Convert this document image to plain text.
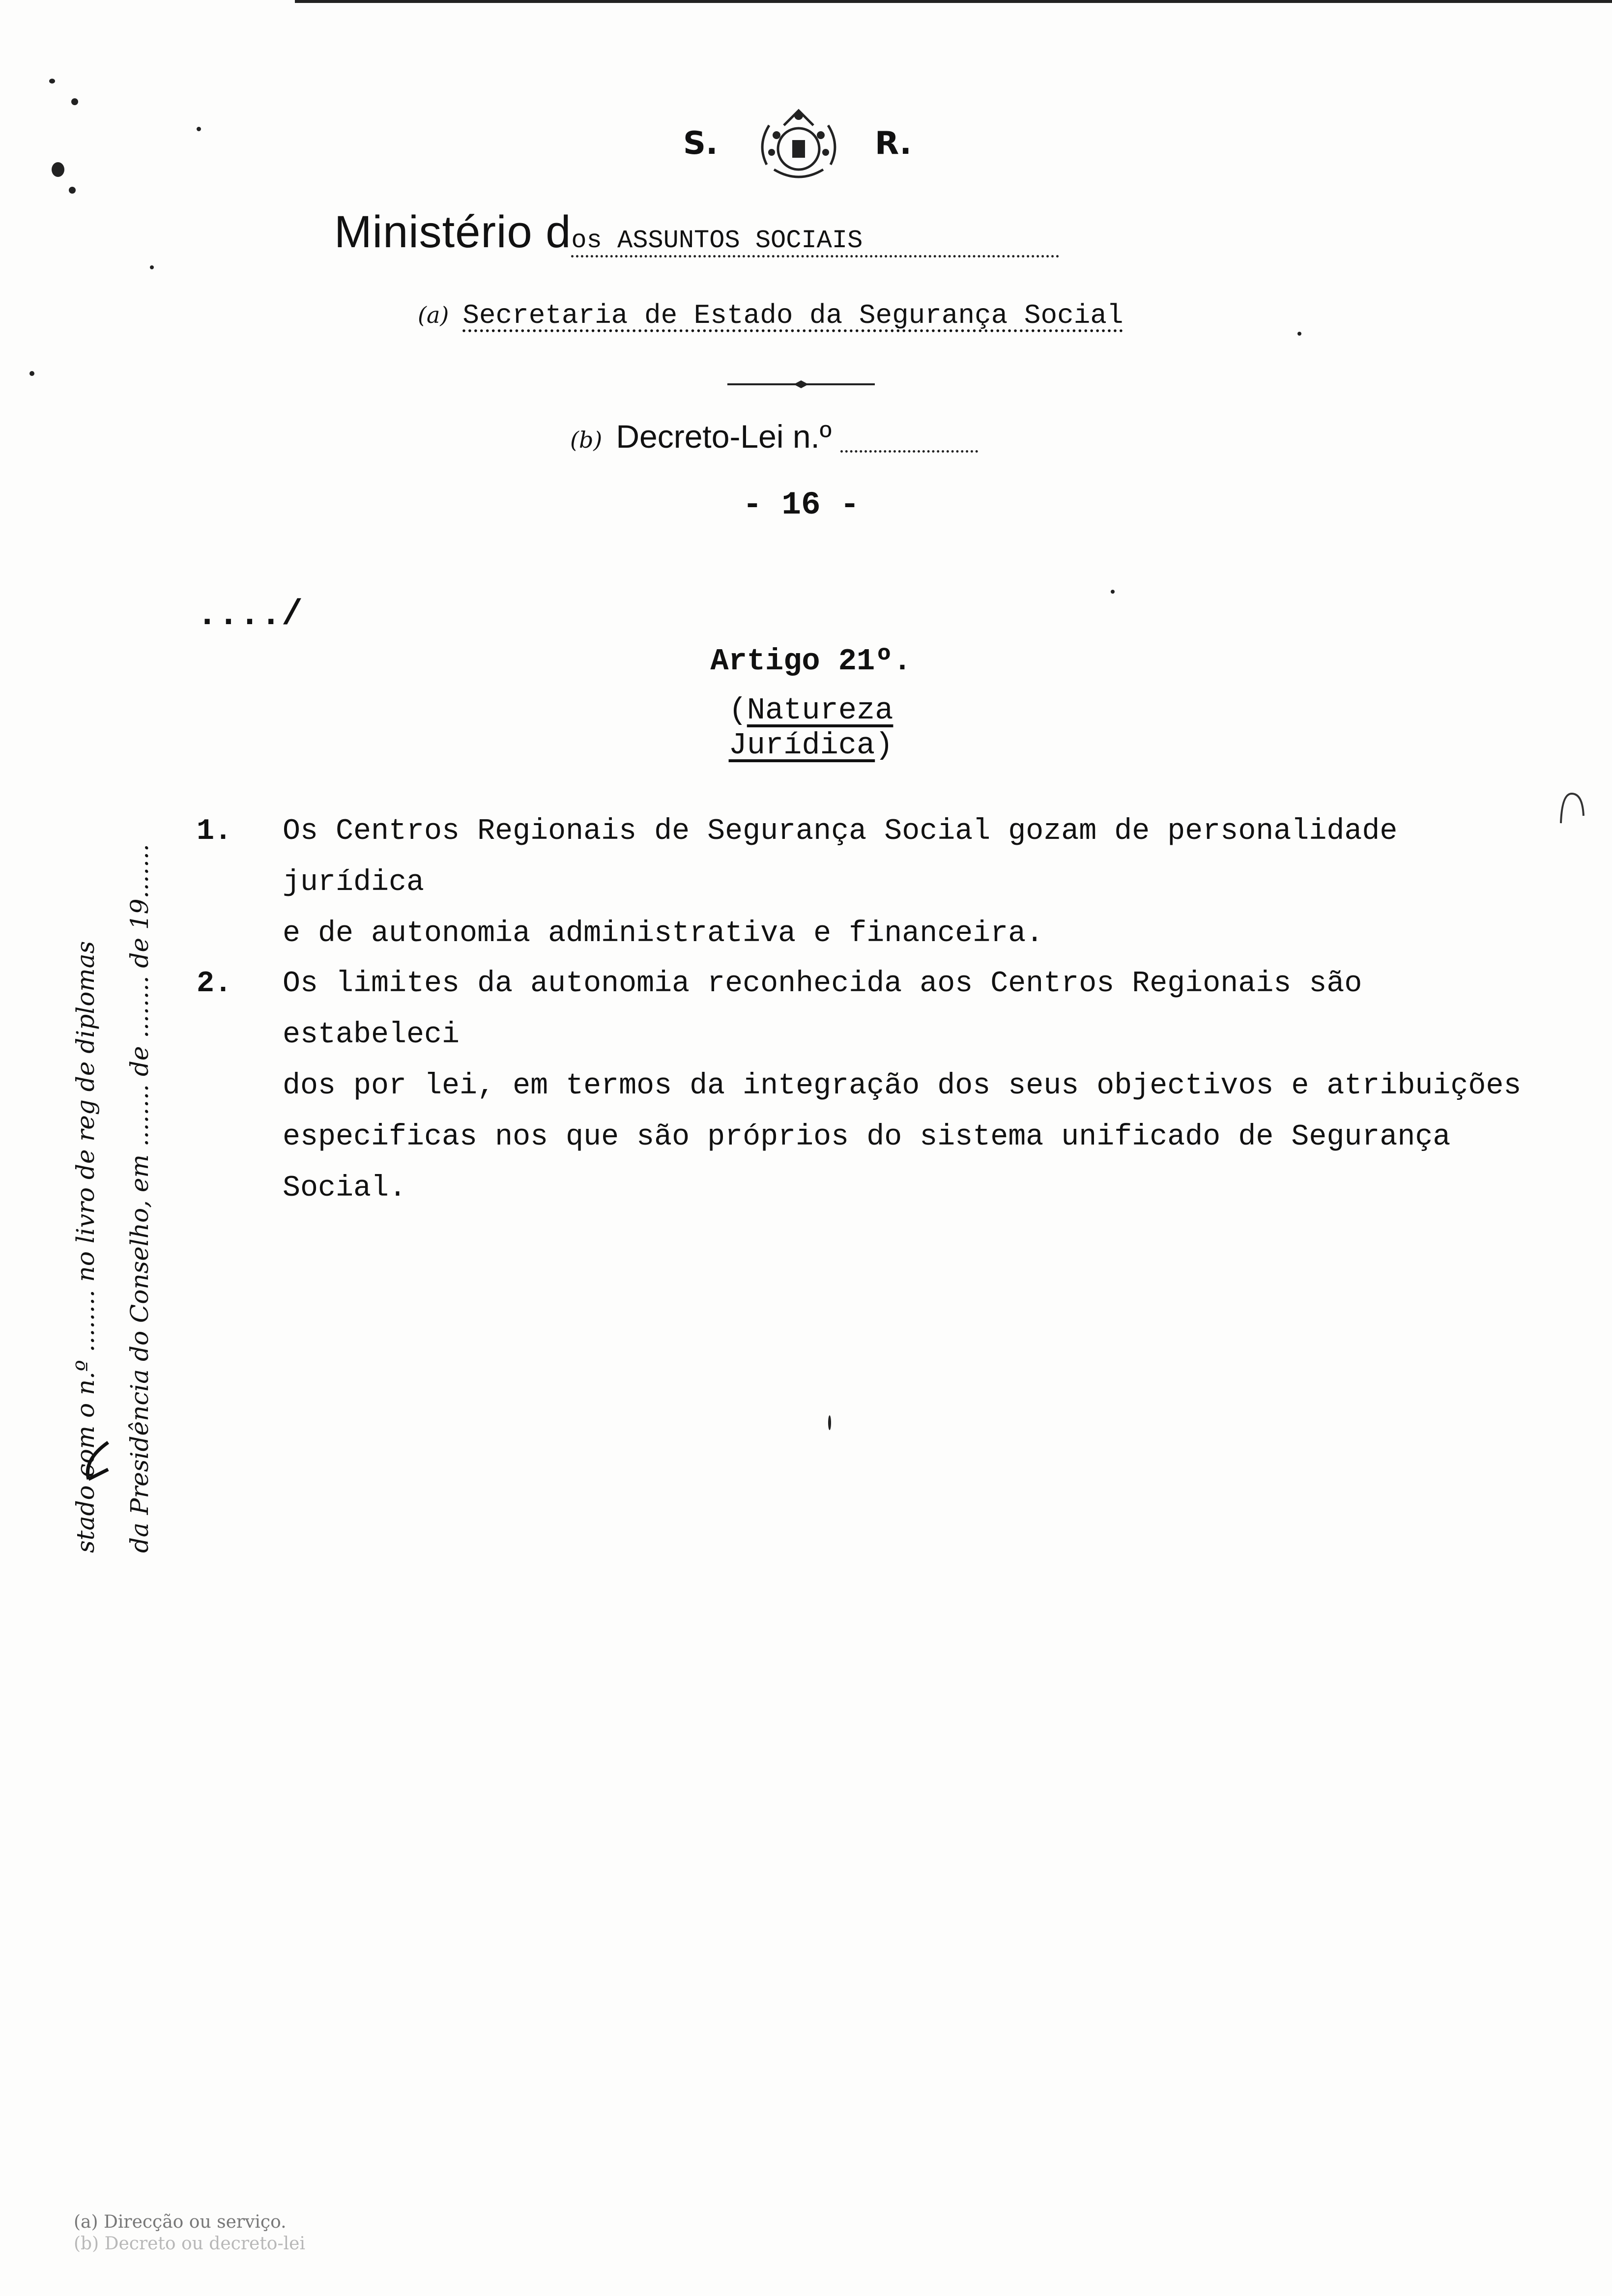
S.	R.
Ministério dos ASSUNTOS SOCIAIS
(a) Secretaria de Estado da Segurança Social
(b) Decreto-Lei n.º
- 16 -
..../
Artigo 21º.
(Natureza Jurídica)
1.	Os Centros Regionais de Segurança Social gozam de personalidade jurídica
e de autonomia administrativa e financeira.
2.	Os limites da autonomia reconhecida aos Centros Regionais são estabeleci
dos por lei, em termos da integração dos seus objectivos e atribuições
especificas nos que são próprios do sistema unificado de Segurança Social.
stado com o n.º ........ no livro de reg de diplomas	da Presidência do Conselho, em ........ de ........ de 19.......
(a) Direcção ou serviço.
(b) Decreto ou decreto-lei
